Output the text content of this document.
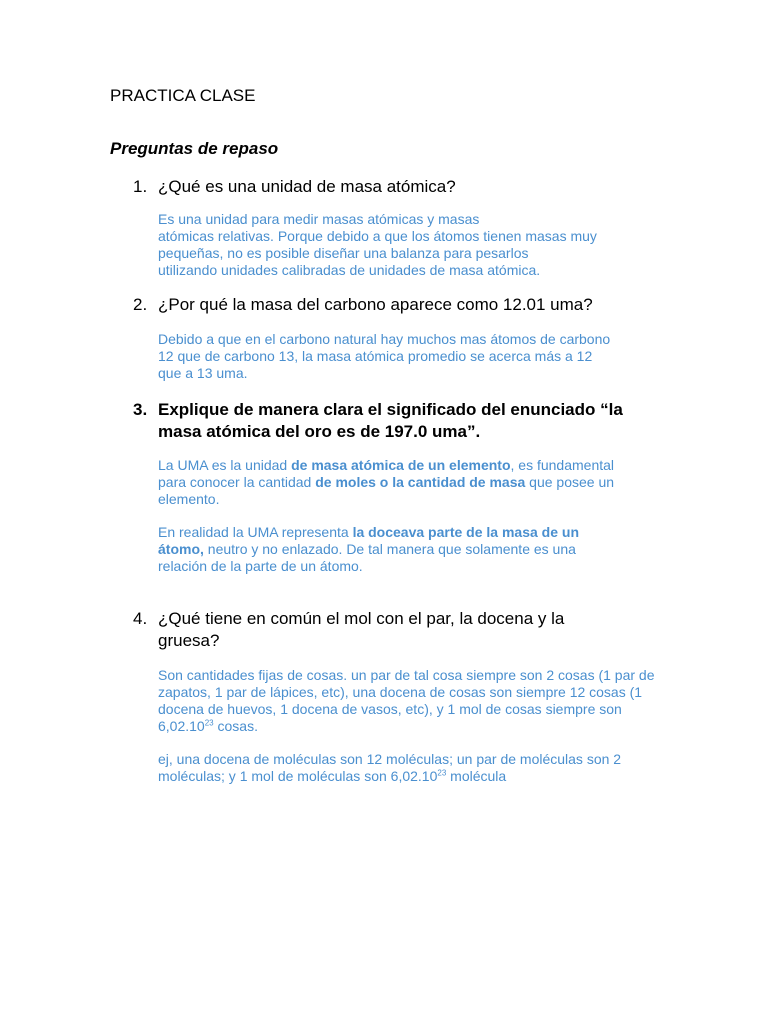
PRACTICA CLASE
Preguntas de repaso
1. ¿Qué es una unidad de masa atómica?

Es una unidad para medir masas atómicas y masas

atómicas relativas. Porque debido a que los átomos tienen masas muy

pequeñas, no es posible diseñar una balanza para pesarlos

utilizando unidades calibradas de unidades de masa atómica.

2. ¿Por qué la masa del carbono aparece como 12.01 uma?

Debido a que en el carbono natural hay muchos mas átomos de carbono

12 que de carbono 13, la masa atómica promedio se acerca más a 12

que a 13 uma.

3. Explique de manera clara el significado del enunciado “la masa atómica del oro es de 197.0 uma”.

La UMA es la unidad de masa atómica de un elemento, es fundamental para conocer la cantidad de moles o la cantidad de masa que posee un elemento.

En realidad la UMA representa la doceava parte de la masa de un átomo, neutro y no enlazado. De tal manera que solamente es una relación de la parte de un átomo.

4. ¿Qué tiene en común el mol con el par, la docena y la gruesa?

Son cantidades fijas de cosas. un par de tal cosa siempre son 2 cosas (1 par de zapatos, 1 par de lápices, etc), una docena de cosas son siempre 12 cosas (1 docena de huevos, 1 docena de vasos, etc), y 1 mol de cosas siempre son 6,02.10$^{23}$ cosas.

ej, una docena de moléculas son 12 moléculas; un par de moléculas son 2 moléculas; y 1 mol de moléculas son 6,02.10$^{23}$ molécula
